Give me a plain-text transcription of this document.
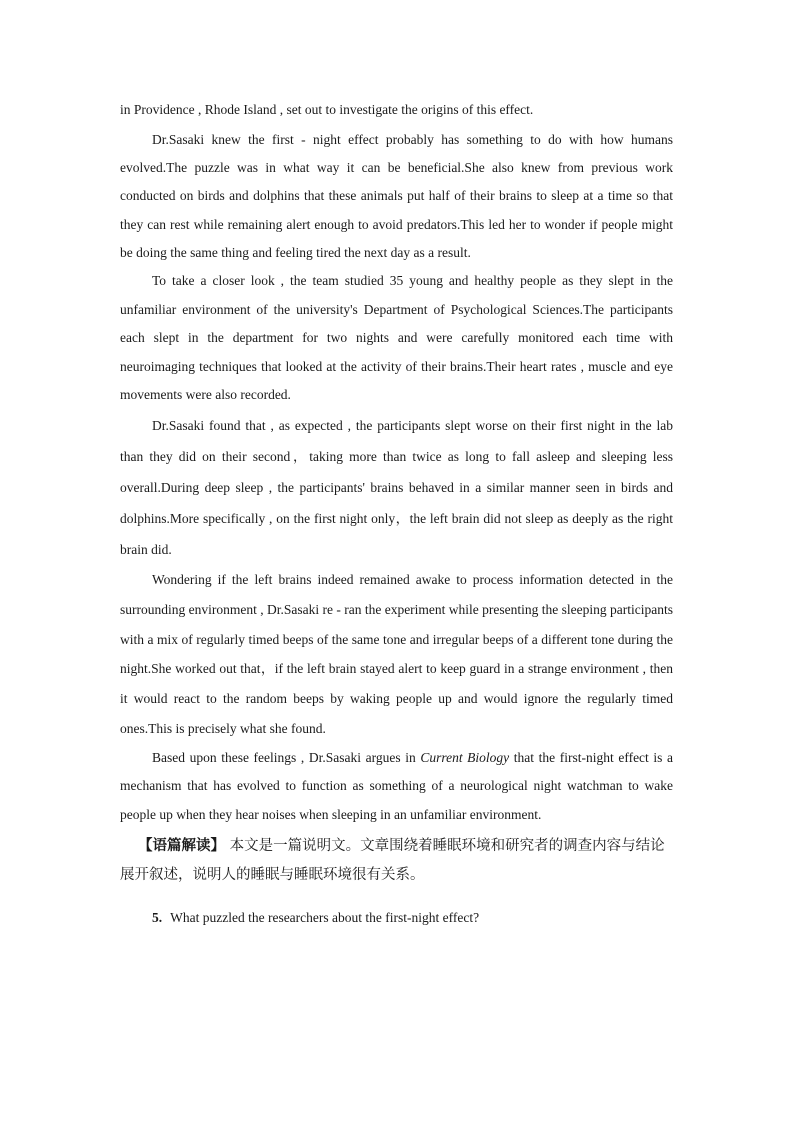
in Providence , Rhode Island , set out to investigate the origins of this effect.

Dr.Sasaki knew the first - night effect probably has something to do with how humans evolved.The puzzle was in what way it can be beneficial.She also knew from previous work conducted on birds and dolphins that these animals put half of their brains to sleep at a time so that they can rest while remaining alert enough to avoid predators.This led her to wonder if people might be doing the same thing and feeling tired the next day as a result.

To take a closer look , the team studied 35 young and healthy people as they slept in the unfamiliar environment of the university's Department of Psychological Sciences.The participants each slept in the department for two nights and were carefully monitored each time with neuroimaging techniques that looked at the activity of their brains.Their heart rates , muscle and eye movements were also recorded.

Dr.Sasaki found that , as expected , the participants slept worse on their first night in the lab than they did on their second，taking more than twice as long to fall asleep and sleeping less overall.During deep sleep , the participants' brains behaved in a similar manner seen in birds and dolphins.More specifically , on the first night only，the left brain did not sleep as deeply as the right brain did.

Wondering if the left brains indeed remained awake to process information detected in the surrounding environment , Dr.Sasaki re - ran the experiment while presenting the sleeping participants with a mix of regularly timed beeps of the same tone and irregular beeps of a different tone during the night.She worked out that，if the left brain stayed alert to keep guard in a strange environment , then it would react to the random beeps by waking people up and would ignore the regularly timed ones.This is precisely what she found.

Based upon these feelings , Dr.Sasaki argues in Current Biology that the first-night effect is a mechanism that has evolved to function as something of a neurological night watchman to wake people up when they hear noises when sleeping in an unfamiliar environment.

【语篇解读】 本文是一篇说明文。文章围绕着睡眠环境和研究者的调查内容与结论展开叙述，说明人的睡眠与睡眠环境很有关系。

5. What puzzled the researchers about the first-night effect?
